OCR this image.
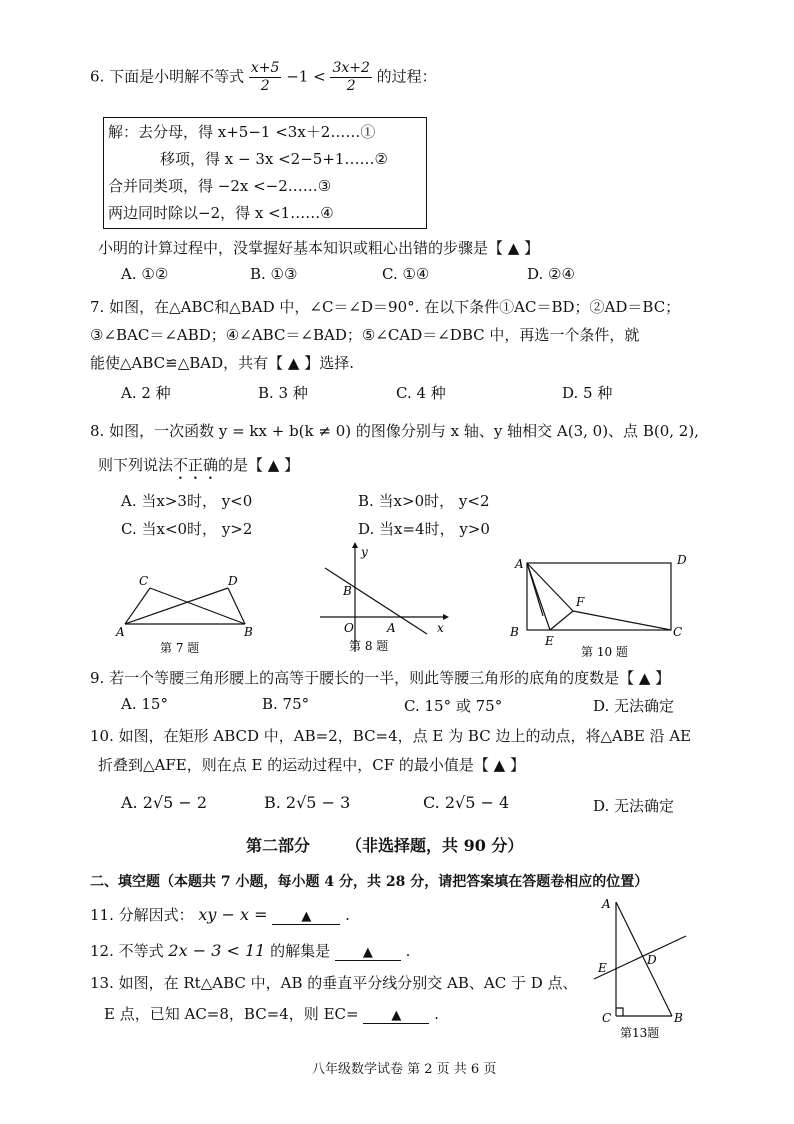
6. 下面是小明解不等式 $\frac{x+5}{2} -1 < \frac{3x+2}{2}$ 的过程：
解：去分母，得 x+5−1 <3x＋2……①
移项，得 x − 3x <2−5+1……②
合并同类项，得 −2x <−2……③
两边同时除以−2，得 x <1……④
小明的计算过程中，没掌握好基本知识或粗心出错的步骤是【 ▲ 】
A. ①②	B. ①③	C. ①④	D. ②④
7. 如图，在△ABC和△BAD 中，∠C＝∠D＝90°. 在以下条件①AC＝BD；②AD＝BC；
③∠BAC＝∠ABD；④∠ABC＝∠BAD；⑤∠CAD＝∠DBC 中，再选一个条件，就
能使△ABC≌△BAD，共有【 ▲ 】选择.
A. 2 种	B. 3 种	C. 4 种	D. 5 种
8. 如图，一次函数 y = kx + b(k ≠ 0) 的图像分别与 x 轴、y 轴相交 A(3, 0)、点 B(0, 2),
则下列说法不正确的是【 ▲ 】
A. 当x>3时， y<0	B. 当x>0时， y<2
C. 当x<0时， y>2	D. 当x=4时， y>0
C	D
A	B
第 7 题
y
x
B
O	A
第 8 题
A	D
F
B
E
C
第 10 题
9. 若一个等腰三角形腰上的高等于腰长的一半，则此等腰三角形的底角的度数是【 ▲ 】
A. 15°	B. 75°	C. 15° 或 75°	D. 无法确定
10. 如图，在矩形 ABCD 中，AB=2，BC=4，点 E 为 BC 边上的动点，将△ABE 沿 AE
折叠到△AFE，则在点 E 的运动过程中，CF 的最小值是【 ▲ 】
A. 2√5 − 2	B. 2√5 − 3	C. 2√5 − 4	D. 无法确定
第二部分 （非选择题，共 90 分）
二、填空题（本题共 7 小题，每小题 4 分，共 28 分，请把答案填在答题卷相应的位置）
11. 分解因式： xy − x =	▲ .
12. 不等式 2x − 3 < 11 的解集是	▲ .
13. 如图，在 Rt△ABC 中，AB 的垂直平分线分别交 AB、AC 于 D 点、
E 点，已知 AC=8，BC=4，则 EC=	▲ .
A
E
D
C	B
第13题
八年级数学试卷 第 2 页 共 6 页
